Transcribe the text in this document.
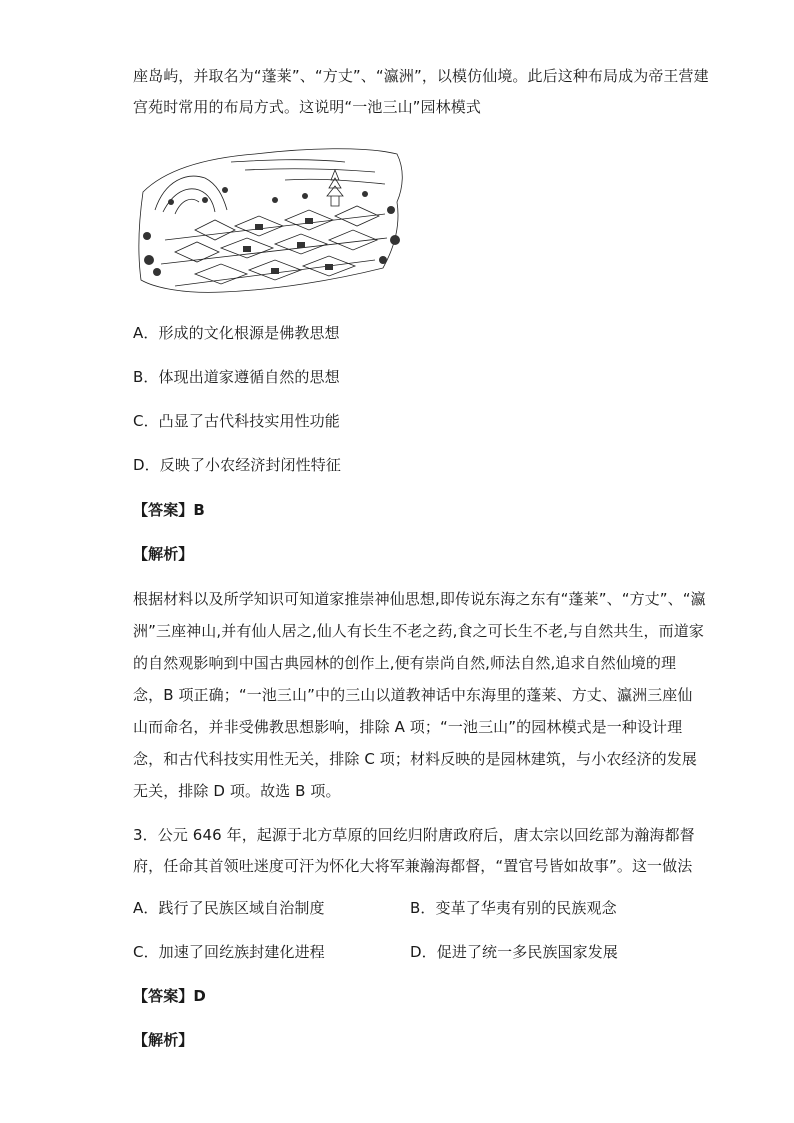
座岛屿，并取名为“蓬莱”、“方丈”、“瀛洲”，以模仿仙境。此后这种布局成为帝王营建
宫苑时常用的布局方式。这说明“一池三山”园林模式
A．形成的文化根源是佛教思想
B．体现出道家遵循自然的思想
C．凸显了古代科技实用性功能
D．反映了小农经济封闭性特征
【答案】B
【解析】
根据材料以及所学知识可知道家推崇神仙思想,即传说东海之东有“蓬莱”、“方丈”、“瀛
洲”三座神山,并有仙人居之,仙人有长生不老之药,食之可长生不老,与自然共生，而道家
的自然观影响到中国古典园林的创作上,便有崇尚自然,师法自然,追求自然仙境的理
念，B 项正确；“一池三山”中的三山以道教神话中东海里的蓬莱、方丈、瀛洲三座仙
山而命名，并非受佛教思想影响，排除 A 项；“一池三山”的园林模式是一种设计理
念，和古代科技实用性无关，排除 C 项；材料反映的是园林建筑，与小农经济的发展
无关，排除 D 项。故选 B 项。
3．公元 646 年，起源于北方草原的回纥归附唐政府后，唐太宗以回纥部为瀚海都督
府，任命其首领吐迷度可汗为怀化大将军兼瀚海都督，“置官号皆如故事”。这一做法
A．践行了民族区域自治制度	B．变革了华夷有别的民族观念
C．加速了回纥族封建化进程	D．促进了统一多民族国家发展
【答案】D
【解析】
